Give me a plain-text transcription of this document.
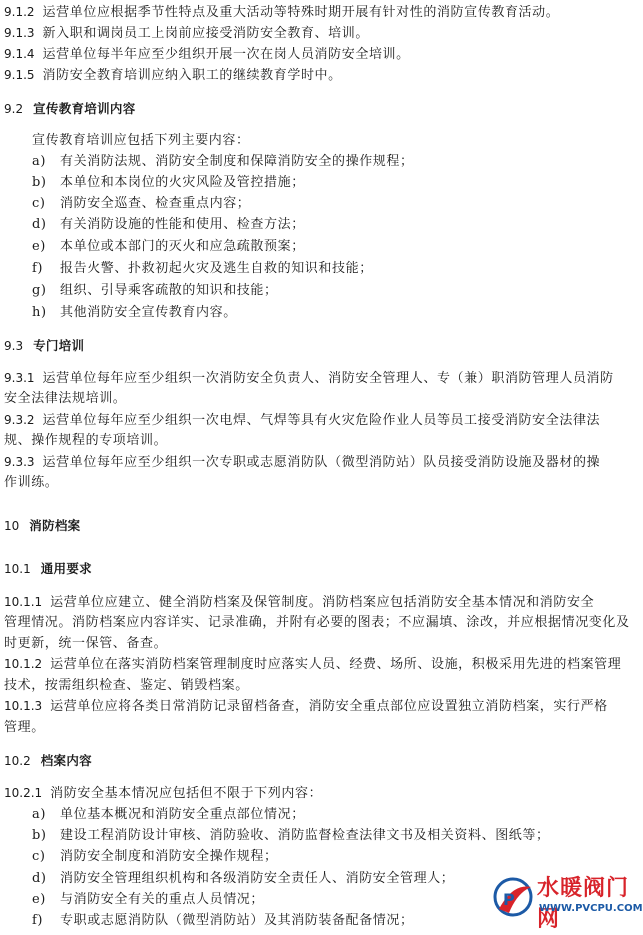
9.1.2 运营单位应根据季节性特点及重大活动等特殊时期开展有针对性的消防宣传教育活动。
9.1.3 新入职和调岗员工上岗前应接受消防安全教育、培训。
9.1.4 运营单位每半年应至少组织开展一次在岗人员消防安全培训。
9.1.5 消防安全教育培训应纳入职工的继续教育学时中。
9.2 宣传教育培训内容
宣传教育培训应包括下列主要内容：
a) 有关消防法规、消防安全制度和保障消防安全的操作规程；
b) 本单位和本岗位的火灾风险及管控措施；
c) 消防安全巡查、检查重点内容；
d) 有关消防设施的性能和使用、检查方法；
e) 本单位或本部门的灭火和应急疏散预案；
f) 报告火警、扑救初起火灾及逃生自救的知识和技能；
g) 组织、引导乘客疏散的知识和技能；
h) 其他消防安全宣传教育内容。
9.3 专门培训
9.3.1 运营单位每年应至少组织一次消防安全负责人、消防安全管理人、专（兼）职消防管理人员消防
安全法律法规培训。
9.3.2 运营单位每年应至少组织一次电焊、气焊等具有火灾危险作业人员等员工接受消防安全法律法
规、操作规程的专项培训。
9.3.3 运营单位每年应至少组织一次专职或志愿消防队（微型消防站）队员接受消防设施及器材的操
作训练。
10 消防档案
10.1 通用要求
10.1.1 运营单位应建立、健全消防档案及保管制度。消防档案应包括消防安全基本情况和消防安全
管理情况。消防档案应内容详实、记录准确，并附有必要的图表；不应漏填、涂改，并应根据情况变化及
时更新，统一保管、备查。
10.1.2 运营单位在落实消防档案管理制度时应落实人员、经费、场所、设施，积极采用先进的档案管理
技术，按需组织检查、鉴定、销毁档案。
10.1.3 运营单位应将各类日常消防记录留档备查，消防安全重点部位应设置独立消防档案，实行严格
管理。
10.2 档案内容
10.2.1 消防安全基本情况应包括但不限于下列内容：
a) 单位基本概况和消防安全重点部位情况；
b) 建设工程消防设计审核、消防验收、消防监督检查法律文书及相关资料、图纸等；
c) 消防安全制度和消防安全操作规程；
d) 消防安全管理组织机构和各级消防安全责任人、消防安全管理人；
e) 与消防安全有关的重点人员情况；
f) 专职或志愿消防队（微型消防站）及其消防装备配备情况；
P 水暖阀门网
WWW.PVCPU.COM
